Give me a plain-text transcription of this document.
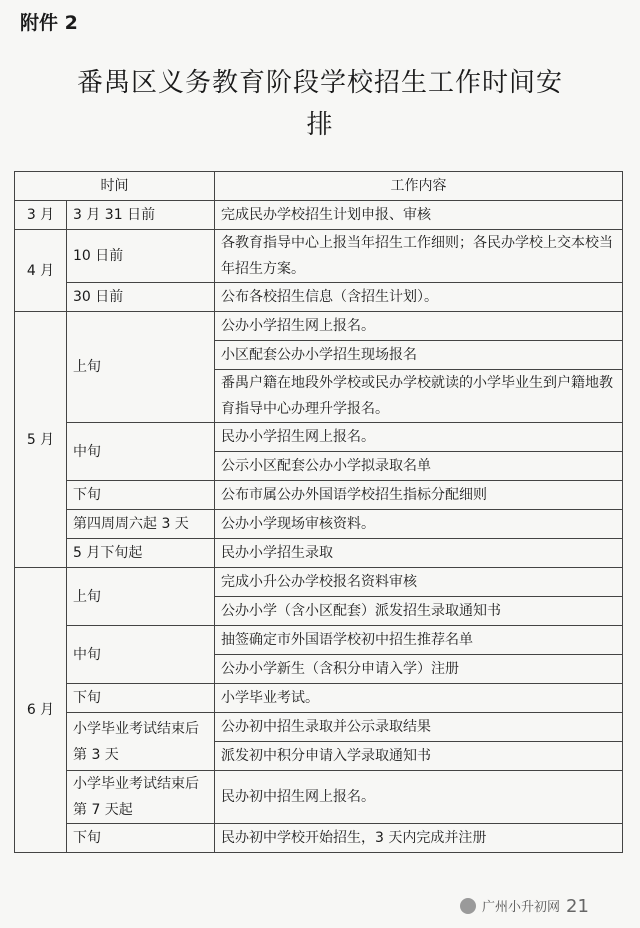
附件 2
番禺区义务教育阶段学校招生工作时间安
排
时间		工作内容
3 月	3 月 31 日前	完成民办学校招生计划申报、审核
4 月	10 日前	各教育指导中心上报当年招生工作细则；各民办学校上交本校当年招生方案。
	30 日前	公布各校招生信息（含招生计划）。
5 月	上旬	公办小学招生网上报名。
		小区配套公办小学招生现场报名
		番禺户籍在地段外学校或民办学校就读的小学毕业生到户籍地教育指导中心办理升学报名。
	中旬	民办小学招生网上报名。
		公示小区配套公办小学拟录取名单
	下旬	公布市属公办外国语学校招生指标分配细则
	第四周周六起 3 天	公办小学现场审核资料。
	5 月下旬起	民办小学招生录取
6 月	上旬	完成小升公办学校报名资料审核
		公办小学（含小区配套）派发招生录取通知书
	中旬	抽签确定市外国语学校初中招生推荐名单
		公办小学新生（含积分申请入学）注册
	下旬	小学毕业考试。
	小学毕业考试结束后第 3 天	公办初中招生录取并公示录取结果
		派发初中积分申请入学录取通知书
	小学毕业考试结束后第 7 天起	民办初中招生网上报名。
	下旬	民办初中学校开始招生，3 天内完成并注册
广州小升初网 21
